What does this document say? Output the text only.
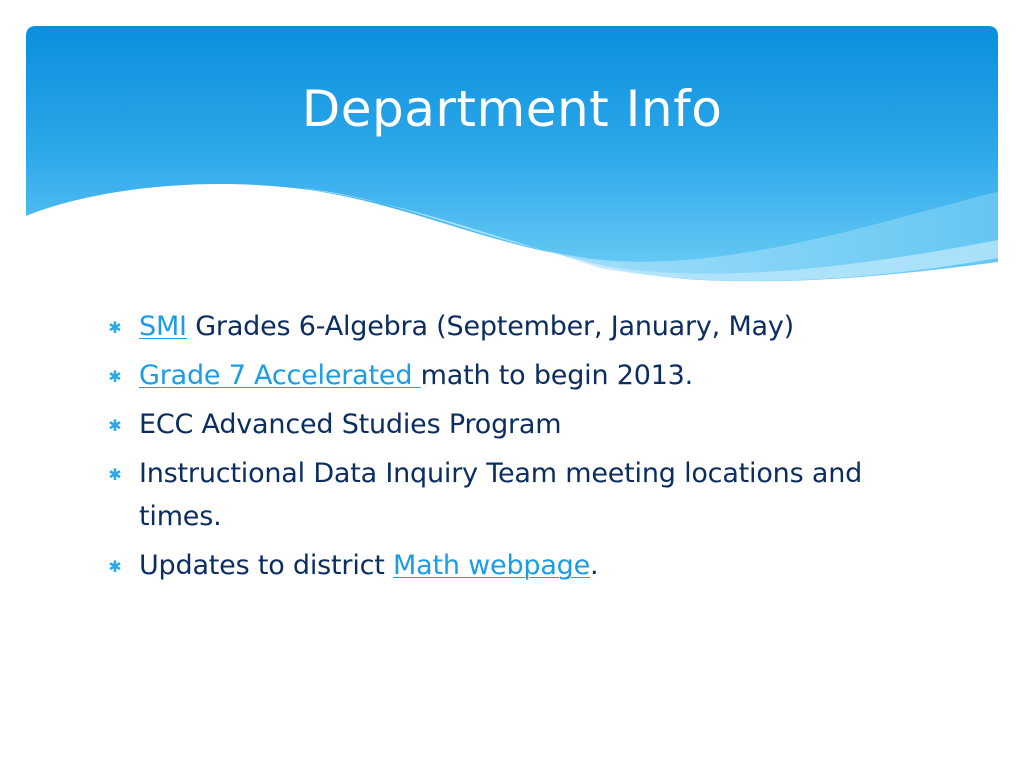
Department Info
✱ SMI Grades 6-Algebra (September, January, May)
✱ Grade 7 Accelerated math to begin 2013.
✱ ECC Advanced Studies Program
✱ Instructional Data Inquiry Team meeting locations and times.
✱ Updates to district Math webpage.
